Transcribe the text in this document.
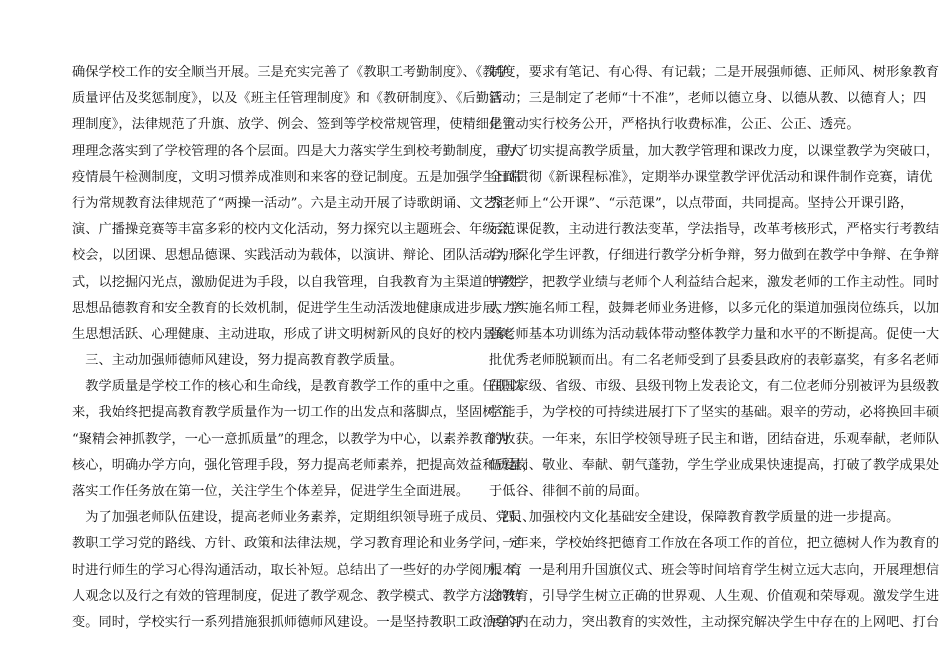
确保学校工作的安全顺当开展。三是充实完善了《教职工考勤制度》、《教学
质量评估及奖惩制度》，以及《班主任管理制度》和《教研制度》、《后勤管
理制度》，法律规范了升旗、放学、例会、签到等学校常规管理，使精细化管
理理念落实到了学校管理的各个层面。四是大力落实学生到校考勤制度，重大
疫情晨午检测制度，文明习惯养成准则和来客的登记制度。五是加强学生日常
行为常规教育法律规范了“两操一活动”。六是主动开展了诗歌朗诵、文艺汇
演、广播操竞赛等丰富多彩的校内文化活动，努力探究以主题班会、年级会、
校会，以团课、思想品德课、实践活动为载体，以演讲、辩论、团队活动为形
式，以挖掘闪光点，激励促进为手段，以自我管理，自我教育为主渠道的学生
思想品德教育和安全教育的长效机制，促进学生生动活泼地健康成进步展。学
生思想活跃、心理健康、主动进取，形成了讲文明树新风的良好的校内景象。
　三、主动加强师德师风建设，努力提高教育教学质量。
　教学质量是学校工作的核心和生命线，是教育教学工作的重中之重。任职以
来，我始终把提高教育教学质量作为一切工作的出发点和落脚点，坚固树立
“聚精会神抓教学，一心一意抓质量”的理念，以教学为中心，以素养教育为
核心，明确办学方向，强化管理手段，努力提高老师素养，把提高效益和质量，
落实工作任务放在第一位，关注学生个体差异，促进学生全面进展。
　为了加强老师队伍建设，提高老师业务素养，定期组织领导班子成员、党员、
教职工学习党的路线、方针、政策和法律法规，学习教育理论和业务学问，定
时进行师生的学习心得沟通活动，取长补短。总结出了一些好的办学阅历、育
人观念以及行之有效的管理制度，促进了教学观念、教学模式、教学方法的转
变。同时，学校实行一系列措施狠抓师德师风建设。一是坚持教职工政治学习
制度，要求有笔记、有心得、有记载；二是开展强师德、正师风、树形象教育
活动；三是制定了老师“十不准”，老师以德立身、以德从教、以德育人；四
是主动实行校务公开，严格执行收费标准，公正、公正、透亮。
　为了切实提高教学质量，加大教学管理和课改力度，以课堂教学为突破口，
全面贯彻《新课程标准》，定期举办课堂教学评优活动和课件制作竞赛，请优
秀老师上“公开课”、“示范课”，以点带面，共同提高。坚持公开课引路，
示范课促教，主动进行教法变革，学法指导，改革考核形式，严格实行考教结
合，深化学生评教，仔细进行教学分析争辩，努力做到在教学中争辩、在争辩
中教学，把教学业绩与老师个人利益结合起来，激发老师的工作主动性。同时
大力实施名师工程，鼓舞老师业务进修，以多元化的渠道加强岗位练兵，以加
强老师基本功训练为活动载体带动整体教学力量和水平的不断提高。促使一大
批优秀老师脱颖而出。有二名老师受到了县委县政府的表彰嘉奖，有多名老师
在国家级、省级、市级、县级刊物上发表论文，有二位老师分别被评为县级教
学能手，为学校的可持续进展打下了坚实的基础。艰辛的劳动，必将换回丰硕
的收获。一年来，东旧学校领导班子民主和谐，团结奋进，乐观奉献，老师队
伍爱岗、敬业、奉献、朝气蓬勃，学生学业成果快速提高，打破了教学成果处
于低谷、徘徊不前的局面。
　四、加强校内文化基础安全建设，保障教育教学质量的进一步提高。
　一年来，学校始终把德育工作放在各项工作的首位，把立德树人作为教育的
根本。一是利用升国旗仪式、班会等时间培育学生树立远大志向，开展理想信
念教育，引导学生树立正确的世界观、人生观、价值观和荣辱观。激发学生进
展的内在动力，突出教育的实效性，主动探究解决学生中存在的上网吧、打台
